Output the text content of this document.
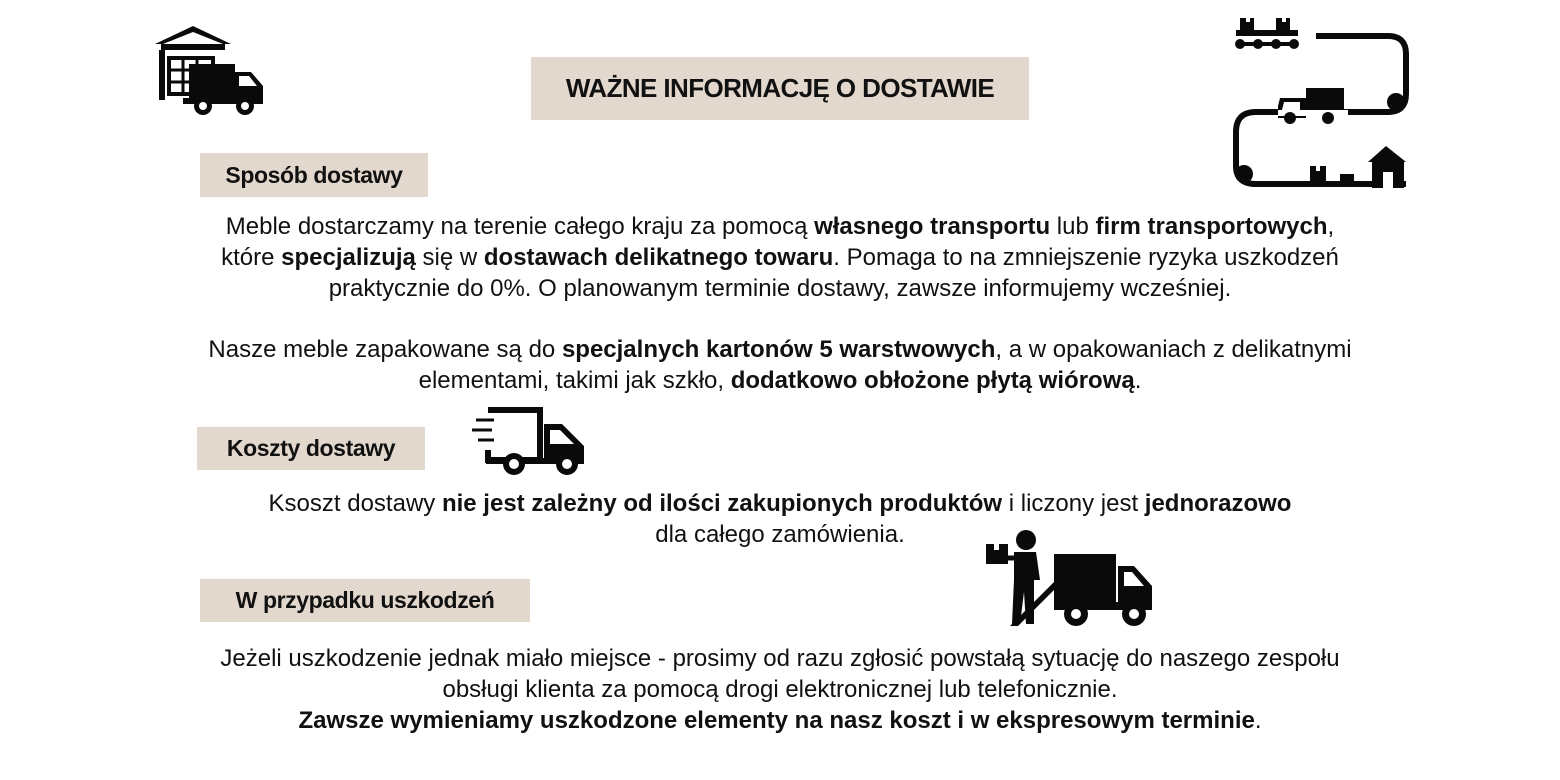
WAŻNE INFORMACJĘ O DOSTAWIE
Sposób dostawy
Meble dostarczamy na terenie całego kraju za pomocą własnego transportu lub firm transportowych,
które specjalizują się w dostawach delikatnego towaru. Pomaga to na zmniejszenie ryzyka uszkodzeń
praktycznie do 0%. O planowanym terminie dostawy, zawsze informujemy wcześniej.
Nasze meble zapakowane są do specjalnych kartonów 5 warstwowych, a w opakowaniach z delikatnymi
elementami, takimi jak szkło, dodatkowo obłożone płytą wiórową.
Koszty dostawy
Ksoszt dostawy nie jest zależny od ilości zakupionych produktów i liczony jest jednorazowo
dla całego zamówienia.
W przypadku uszkodzeń
Jeżeli uszkodzenie jednak miało miejsce - prosimy od razu zgłosić powstałą sytuację do naszego zespołu
obsługi klienta za pomocą drogi elektronicznej lub telefonicznie.
Zawsze wymieniamy uszkodzone elementy na nasz koszt i w ekspresowym terminie.
